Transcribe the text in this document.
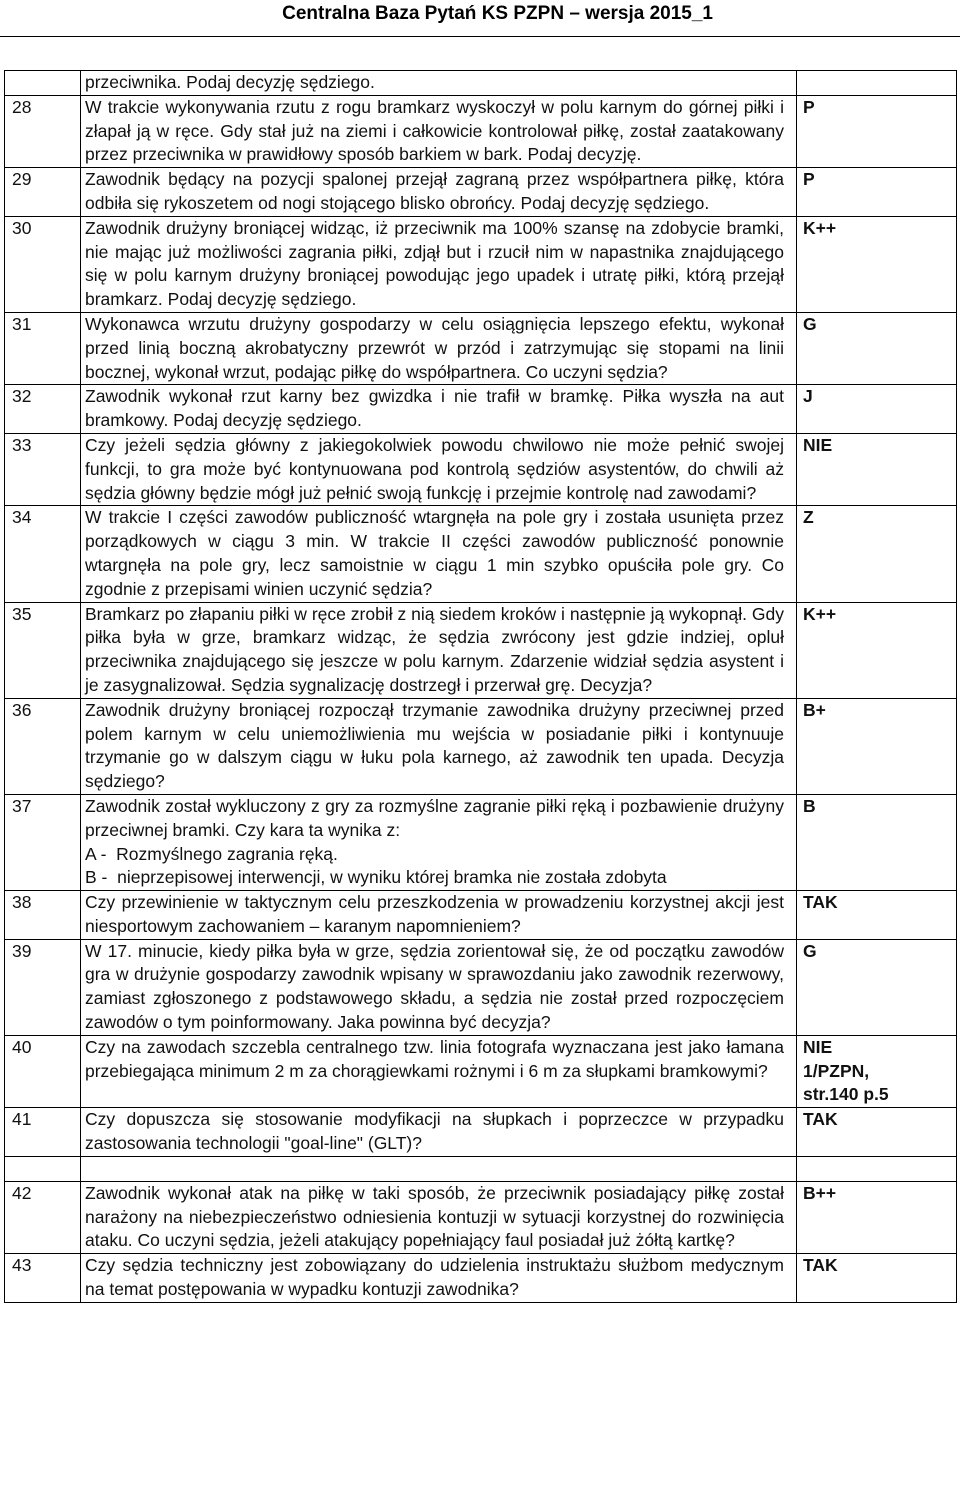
Centralna Baza Pytań KS PZPN – wersja 2015_1
	przeciwnika. Podaj decyzję sędziego.	
28	W trakcie wykonywania rzutu z rogu bramkarz wyskoczył w polu karnym do górnej piłki i złapał ją w ręce. Gdy stał już na ziemi i całkowicie kontrolował piłkę, został zaatakowany przez przeciwnika w prawidłowy sposób barkiem w bark. Podaj decyzję.	P
29	Zawodnik będący na pozycji spalonej przejął zagraną przez współpartnera piłkę, która odbiła się rykoszetem od nogi stojącego blisko obrońcy. Podaj decyzję sędziego.	P
30	Zawodnik drużyny broniącej widząc, iż przeciwnik ma 100% szansę na zdobycie bramki, nie mając już możliwości zagrania piłki, zdjął but i rzucił nim w napastnika znajdującego się w polu karnym drużyny broniącej powodując jego upadek i utratę piłki, którą przejął bramkarz. Podaj decyzję sędziego.	K++
31	Wykonawca wrzutu drużyny gospodarzy w celu osiągnięcia lepszego efektu, wykonał przed linią boczną akrobatyczny przewrót w przód i zatrzymując się stopami na linii bocznej, wykonał wrzut, podając piłkę do współpartnera. Co uczyni sędzia?	G
32	Zawodnik wykonał rzut karny bez gwizdka i nie trafił w bramkę. Piłka wyszła na aut bramkowy. Podaj decyzję sędziego.	J
33	Czy jeżeli sędzia główny z jakiegokolwiek powodu chwilowo nie może pełnić swojej funkcji, to gra może być kontynuowana pod kontrolą sędziów asystentów, do chwili aż sędzia główny będzie mógł już pełnić swoją funkcję i przejmie kontrolę nad zawodami?	NIE
34	W trakcie I części zawodów publiczność wtargnęła na pole gry i została usunięta przez porządkowych w ciągu 3 min. W trakcie II części zawodów publiczność ponownie wtargnęła na pole gry, lecz samoistnie w ciągu 1 min szybko opuściła pole gry. Co zgodnie z przepisami winien uczynić sędzia?	Z
35	Bramkarz po złapaniu piłki w ręce zrobił z nią siedem kroków i następnie ją wykopnął. Gdy piłka była w grze, bramkarz widząc, że sędzia zwrócony jest gdzie indziej, opluł przeciwnika znajdującego się jeszcze w polu karnym. Zdarzenie widział sędzia asystent i je zasygnalizował. Sędzia sygnalizację dostrzegł i przerwał grę. Decyzja?	K++
36	Zawodnik drużyny broniącej rozpoczął trzymanie zawodnika drużyny przeciwnej przed polem karnym w celu uniemożliwienia mu wejścia w posiadanie piłki i kontynuuje trzymanie go w dalszym ciągu w łuku pola karnego, aż zawodnik ten upada. Decyzja sędziego?	B+
37	Zawodnik został wykluczony z gry za rozmyślne zagranie piłki ręką i pozbawienie drużyny przeciwnej bramki. Czy kara ta wynika z:
A -  Rozmyślnego zagrania ręką.
B -  nieprzepisowej interwencji, w wyniku której bramka nie została zdobyta	B
38	Czy przewinienie w taktycznym celu przeszkodzenia w prowadzeniu korzystnej akcji jest niesportowym zachowaniem – karanym napomnieniem?	TAK
39	W 17. minucie, kiedy piłka była w grze, sędzia zorientował się, że od początku zawodów gra w drużynie gospodarzy zawodnik wpisany w sprawozdaniu jako zawodnik rezerwowy, zamiast zgłoszonego z podstawowego składu, a sędzia nie został przed rozpoczęciem zawodów o tym poinformowany. Jaka powinna być decyzja?	G
40	Czy na zawodach szczebla centralnego tzw. linia fotografa wyznaczana jest jako łamana przebiegająca minimum 2 m za chorągiewkami rożnymi i 6 m za słupkami bramkowymi?	NIE
1/PZPN,
str.140 p.5

41	Czy dopuszcza się stosowanie modyfikacji na słupkach i poprzeczce w przypadku zastosowania technologii "goal-line" (GLT)?	TAK

42	Zawodnik wykonał atak na piłkę w taki sposób, że przeciwnik posiadający piłkę został narażony na niebezpieczeństwo odniesienia kontuzji w sytuacji korzystnej do rozwinięcia ataku. Co uczyni sędzia, jeżeli atakujący popełniający faul posiadał już żółtą kartkę?	B++
43	Czy sędzia techniczny jest zobowiązany do udzielenia instruktażu służbom medycznym na temat postępowania w wypadku kontuzji zawodnika?	TAK
